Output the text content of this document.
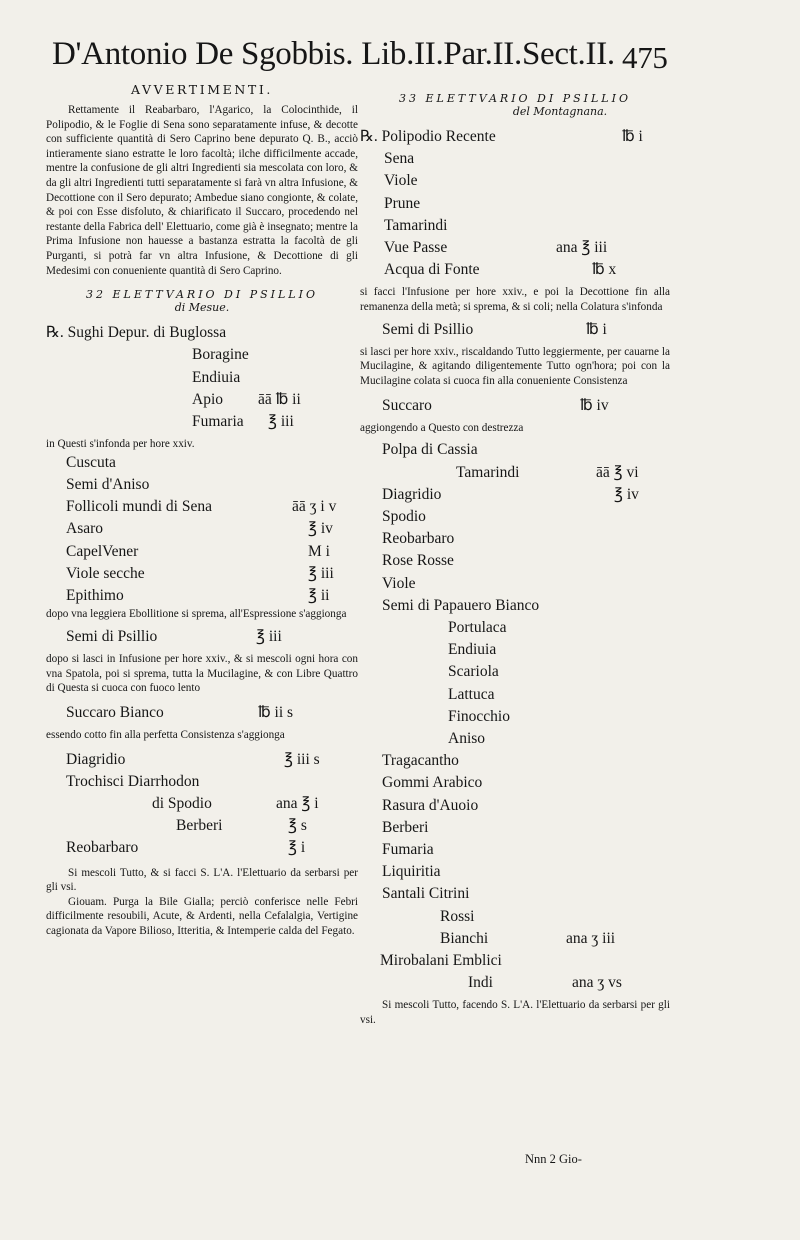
D'Antonio De Sgobbis. Lib.II.Par.II.Sect.II. 475

AVVERTIMENTI.

Rettamente il Reabarbaro, l'Agarico, la Colocinthide, il Polipodio, & le Foglie di Sena sono separatamente infuse, & decotte con sufficiente quantità di Sero Caprino bene depurato Q. B., acciò intieramente siano estratte le loro facoltà; ilche difficilmente accade, mentre la confusione de gli altri Ingredienti sia mescolata con loro, & da gli altri Ingredienti tutti separatamente si farà vn altra Infusione, & Decottione con il Sero depurato; Ambedue siano congionte, & colate, & poi con Esse disfoluto, & chiarificato il Succaro, procedendo nel restante della Fabrica dell' Elettuario, come già è insegnato; mentre la Prima Infusione non hauesse a bastanza estratta la facoltà de gli Purganti, si potrà far vn altra Infusione, & Decottione di gli Medesimi con conueniente quantità di Sero Caprino.

32 ELETTVARIO DI PSILLIO

di Mesue.

℞. Sughi Depur. di Buglossa
Boragine
Endiuia
Apio āā ℔ ii
Fumaria ℥ iii

in Questi s'infonda per hore xxiv.

Cuscuta
Semi d'Aniso
Follicoli mundi di Sena	āā ʒ i v
Asaro	℥ iv
CapelVener	M i
Viole secche	℥ iii
Epithimo	℥ ii

dopo vna leggiera Ebollitione si sprema, all'Espressione s'aggionga

Semi di Psillio	℥ iii

dopo si lasci in Infusione per hore xxiv., & si mescoli ogni hora con vna Spatola, poi si sprema, tutta la Mucilagine, & con Libre Quattro di Questa si cuoca con fuoco lento

Succaro Bianco	℔ ii s

essendo cotto fin alla perfetta Consistenza s'aggionga

Diagridio	℥ iii s
Trochisci Diarrhodon
di Spodio	ana ℥ i
Berberi	℥ s
Reobarbaro	℥ i

Si mescoli Tutto, & si facci S. L'A. l'Elettuario da serbarsi per gli vsi.

Giouam. Purga la Bile Gialla; perciò conferisce nelle Febri difficilmente resoubili, Acute, & Ardenti, nella Cefalalgia, Vertigine cagionata da Vapore Bilioso, Itteritia, & Intemperie calda del Fegato.

33 ELETTVARIO DI PSILLIO

del Montagnana.

℞. Polipodio Recente	℔ i
Sena
Viole
Prune
Tamarindi
Vue Passe	ana ℥ iii
Acqua di Fonte	℔ x

si facci l'Infusione per hore xxiv., e poi la Decottione fin alla remanenza della metà; si sprema, & si coli; nella Colatura s'infonda

Semi di Psillio	℔ i

si lasci per hore xxiv., riscaldando Tutto leggiermente, per cauarne la Mucilagine, & agitando diligentemente Tutto ogn'hora; poi con la Mucilagine colata si cuoca fin alla conueniente Consistenza

Succaro	℔ iv

aggiongendo a Questo con destrezza

Polpa di Cassia
Tamarindi	āā ℥ vi
Diagridio	℥ iv
Spodio
Reobarbaro
Rose Rosse
Viole
Semi di Papauero Bianco
Portulaca
Endiuia
Scariola
Lattuca
Finocchio
Aniso
Tragacantho
Gommi Arabico
Rasura d'Auoio
Berberi
Fumaria
Liquiritia
Santali Citrini
Rossi
Bianchi	ana ʒ iii
Mirobalani Emblici
Indi	ana ʒ vs

Si mescoli Tutto, facendo S. L'A. l'Elettuario da serbarsi per gli vsi.

Nnn 2 Gio-
